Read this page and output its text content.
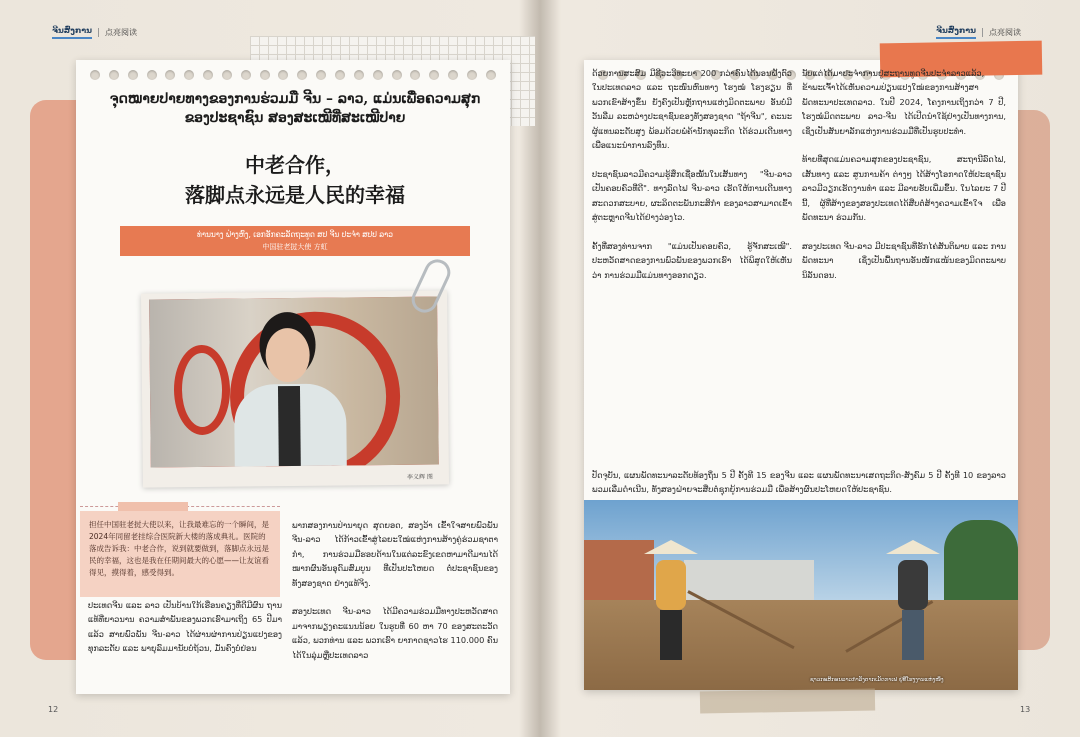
ຈີນສົ່ງການ 点亮阅读	ຈີນສົ່ງການ 点亮阅读
ຈຸດໝາຍປາຍທາງຂອງການຮ່ວມມື ຈີນ – ລາວ, ແມ່ນເພື່ອຄວາມສຸກຂອງປະຊາຊົນ ສອງສະເໝີທີ່ສະເໝີປາຍ
中老合作，
落脚点永远是人民的幸福
ທ່ານນາງ ຟ່າງຫົງ, ເອກອັກຄະລັດຖະທູດ ສປ ຈີນ ປະຈໍາ ສປປ ລາວ
中国驻老挝大使 方虹
李义辉 图
担任中国驻老挝大使以来，让我最难忘的一个瞬间，是2024年同留老挂综合医院新大楼的落成典礼。医院的落成告诉我：中老合作，说到就要做到，落脚点永远是民的幸福，这也是我在任期间最大的心愿——让友谊看得见，摸得着，感受得到。
ປະເທດຈີນ ແລະ ລາວ ເປັນບ້ານໃກ້ເຮືອນຄຽງທີ່ດີມີຜົນ ຖານແທ້ທີ່ຍາວນານ ຄວາມສໍາພັນຂອງພວກເຮົາມາເຖິງ 65 ປີມາແລ້ວ ສາຍພົວພັນ ຈີນ-ລາວ ໄດ້ຜ່ານຜ່າການປ່ຽນແປງຂອງທຸກລະດັບ ແລະ ພາຍຸລົມມານັບບໍ່ຖ້ວນ, ມັ່ນຄົງບໍ່ຢ່ອນ
ພາກສອງການປ່ານາຍຸດ ສຸດຍອດ, ສອງວ້າ ເຂົ້າໃຈສາຍພົວພັນ ຈີນ-ລາວ ໄດ້ກ້າວເຂົ້າສູ່ໄລຍະໃໝ່ແຫ່ງການສ້າງຄູ່ຮ່ວມຊາຕາກໍາ, ການຮ່ວມມືຮອບດ້ານໃນແຕ່ລະຂົງເຂດຫາມາດີມານໄດ້ໝາກຜົນອັນອຸດົມສົມບູນ ທີ່ເປັນປະໂຫຍດ ຕໍ່ປະຊາຊົນຂອງທັງສອງຊາດ ຢ່າງແທ້ຈິງ.

ສອງປະເທດ ຈີນ-ລາວ ໄດ້ມີຄວາມຮ່ວມມືທາງປະຫວັດສາດມາຈາກພຽງຄະແນນນ້ອຍ ໃນຮູບທີ່ 60 ຫາ 70 ຂອງສະຕະວັດແລ້ວ, ພວກທ່ານ ແລະ ພວກເຮົາ ຍາກາດຊາວໄຮ 110.000 ຄົນ ໄດ້ໃນລຸ່ມຫຼືປະເທດລາວ
ດ້ວຍການສະສົມ ມີຊີວະວິທະຍາ 200 ກວ່າຄົນໄດ້ນອນຝັງຕົວໃນປະເທດລາວ ແລະ ຖະໜົນຫົນທາງ ໂຮງໝໍ ໂຮງຮຽນ ທີ່ພວກເຂົາສ້າງຂຶ້ນ ຍັງຄົງເປັນຫຼັກຖານແຫ່ງມິດຕະພາບ ອັນບໍ່ມີວັນລືມ ລະຫວ່າງປະຊາຊົນຂອງທັງສອງຊາດ "ຖ້າຈີນ", ຄະນະຜູ້ແທນລະດັບສູງ ພ້ອມດ້ວຍພໍ່ຄ້ານັກທຸລະກິດ ໄດ້ຮ່ວມເດີນທາງເພື່ອແນະນໍາການລົງທຶນ.

ປະຊາຊົນລາວມີຄວາມຮູ້ສຶກເຊື່ອໝັ້ນໃນເສັ້ນທາງ "ຈີນ-ລາວ ເປັນຄອບຄົວທີ່ດີ". ທາງລົດໄຟ ຈີນ-ລາວ ເຮັດໃຫ້ການເດີນທາງສະດວກສະບາຍ, ຜະລິດຕະພັນກະສິກໍາ ຂອງລາວສາມາດເຂົ້າສູ່ຕະຫຼາດຈີນໄດ້ຢ່າງວ່ອງໄວ.

ຄັ້ງທີ່ສອງທ່ານຈາກ "ແມ່ນເປັນຄອບຄົວ, ຮູ້ຈັກສະເໝີ". ປະຫວັດສາດຂອງການພົວພັນຂອງພວກເຮົາ ໄດ້ພິສູດໃຫ້ເຫັນວ່າ ການຮ່ວມມືແມ່ນທາງອອກດຽວ.
ນັບແຕ່ໄດ້ມາປະຈໍາການຢູ່ສະຖານທູດຈີນປະຈໍາລາວແລ້ວ, ຂ້າພະເຈົ້າໄດ້ເຫັນຄວາມປ່ຽນແປງໃໝ່ຂອງການສ້າງສາ ພັດທະນາປະເທດລາວ. ໃນປີ 2024, ໂຄງການເຖິງກວ່າ 7 ປີ, ໂຮງໝໍມິດຕະພາບ ລາວ-ຈີນ ໄດ້ເປີດນໍາໃຊ້ຢ່າງເປັນທາງການ, ເຊິ່ງເປັນສັນຍາລັກແຫ່ງການຮ່ວມມືທີ່ເປັນຮູບປະທໍາ.

ທ້າຍທີ່ສຸດແມ່ນຄວາມສຸກຂອງປະຊາຊົນ, ສະຖານີລົດໄຟ, ເສັ້ນທາງ ແລະ ສູນການຄ້າ ຕ່າງໆ ໄດ້ສ້າງໂອກາດໃຫ້ປະຊາຊົນລາວມີວຽກເຮັດງານທໍາ ແລະ ມີລາຍຮັບເພີ່ມຂຶ້ນ. ໃນໄລຍະ 7 ປີນີ້, ຜູ້ທີ່ສ້າງຂອງສອງປະເທດໄດ້ສືບຕໍ່ສ້າງຄວາມເຂົ້າໃຈ ເພື່ອພັດທະນາ ຮ່ວມກັນ.

ສອງປະເທດ ຈີນ-ລາວ ມີປະຊາຊົນທີ່ຮັກໄຄ່ສັນຕິພາບ ແລະ ການພັດທະນາ ເຊິ່ງເປັນພື້ນຖານອັນໜັກແໜ້ນຂອງມິດຕະພາບນິລັນດອນ.
ປັດຈຸບັນ, ແຜນພັດທະນາລະດັບທ້ອງຖິ່ນ 5 ປີ ຄັ້ງທີ 15 ຂອງຈີນ ແລະ ແຜນພັດທະນາເສດຖະກິດ-ສັງຄົມ 5 ປີ ຄັ້ງທີ 10 ຂອງລາວ ພວມເລີ່ມດໍາເນີນ, ທັງສອງຝ່າຍຈະສືບຕໍ່ຊຸກຍູ້ການຮ່ວມມື ເພື່ອສ້າງຜົນປະໂຫຍດໃຫ້ປະຊາຊົນ.
ຊາວກະສິກອນລາວກໍາລັງຕາກເມັດກາເຟ ຢູ່ທີ່ໂຮງງານແຫ່ງໜຶ່ງ
12	13
